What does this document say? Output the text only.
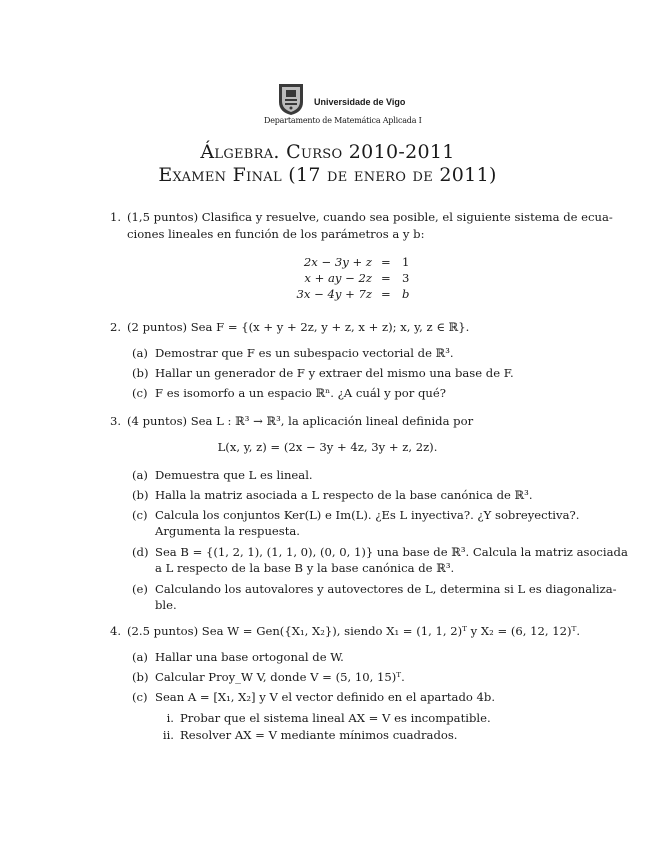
Universidade de Vigo
Departamento de Matemática Aplicada I
Álgebra. Curso 2010-2011
Examen Final (17 de enero de 2011)
1. (1,5 puntos) Clasifica y resuelve, cuando sea posible, el siguiente sistema de ecua-
ciones lineales en función de los parámetros a y b:
2x − 3y + z = 1
x + ay − 2z = 3
3x − 4y + 7z = b
2. (2 puntos) Sea F = {(x + y + 2z, y + z, x + z); x, y, z ∈ ℝ}.
(a) Demostrar que F es un subespacio vectorial de ℝ³.
(b) Hallar un generador de F y extraer del mismo una base de F.
(c) F es isomorfo a un espacio ℝⁿ. ¿A cuál y por qué?
3. (4 puntos) Sea L : ℝ³ → ℝ³, la aplicación lineal definida por
L(x, y, z) = (2x − 3y + 4z, 3y + z, 2z).
(a) Demuestra que L es lineal.
(b) Halla la matriz asociada a L respecto de la base canónica de ℝ³.
(c) Calcula los conjuntos Ker(L) e Im(L). ¿Es L inyectiva?. ¿Y sobreyectiva?.
Argumenta la respuesta.
(d) Sea B = {(1, 2, 1), (1, 1, 0), (0, 0, 1)} una base de ℝ³. Calcula la matriz asociada
a L respecto de la base B y la base canónica de ℝ³.
(e) Calculando los autovalores y autovectores de L, determina si L es diagonaliza-
ble.
4. (2.5 puntos) Sea W = Gen({X₁, X₂}), siendo X₁ = (1, 1, 2)ᵀ y X₂ = (6, 12, 12)ᵀ.
(a) Hallar una base ortogonal de W.
(b) Calcular Proy_W V, donde V = (5, 10, 15)ᵀ.
(c) Sean A = [X₁, X₂] y V el vector definido en el apartado 4b.
i. Probar que el sistema lineal AX = V es incompatible.
ii. Resolver AX = V mediante mínimos cuadrados.
